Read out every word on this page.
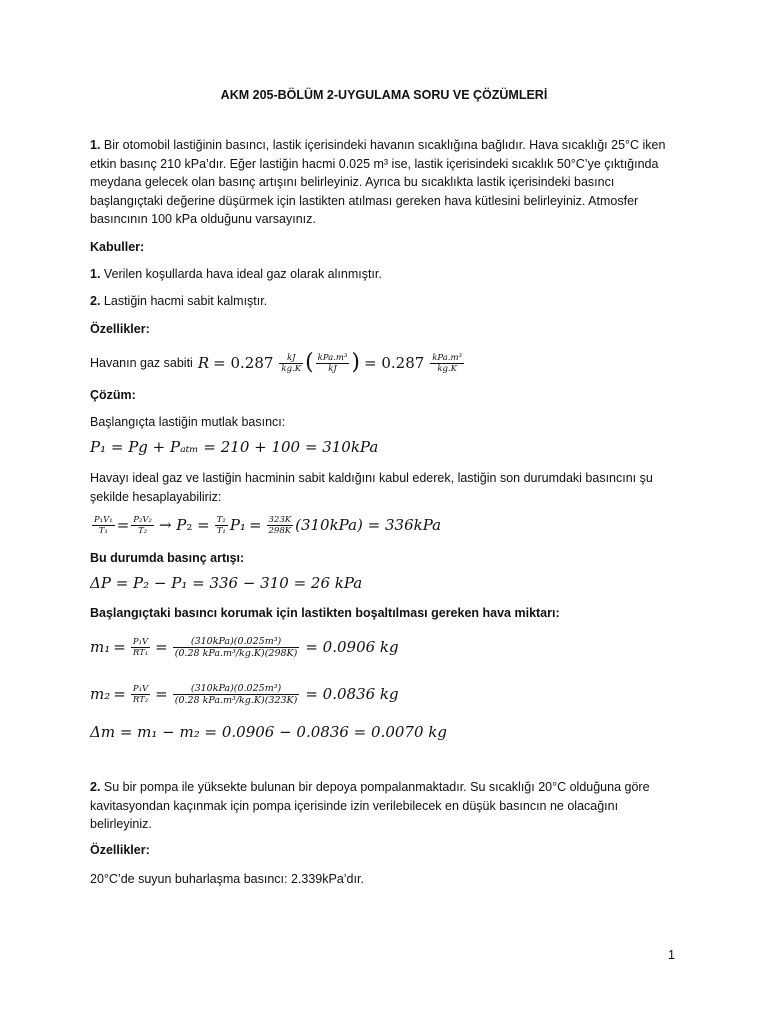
AKM 205-BÖLÜM 2-UYGULAMA SORU VE ÇÖZÜMLERİ
1. Bir otomobil lastiğinin basıncı, lastik içerisindeki havanın sıcaklığına bağlıdır. Hava sıcaklığı 25°C iken etkin basınç 210 kPa’dır. Eğer lastiğin hacmi 0.025 m³ ise, lastik içerisindeki sıcaklık 50°C’ye çıktığında meydana gelecek olan basınç artışını belirleyiniz. Ayrıca bu sıcaklıkta lastik içerisindeki basıncı başlangıçtaki değerine düşürmek için lastikten atılması gereken hava kütlesini belirleyiniz. Atmosfer basıncının 100 kPa olduğunu varsayınız.
Kabuller:
1. Verilen koşullarda hava ideal gaz olarak alınmıştır.
2. Lastiğin hacmi sabit kalmıştır.
Özellikler:
Havanın gaz sabiti $R = 0.287 \frac{kJ}{kg.K}$ ( $\frac{\text{kPa.m³}}{kJ}$ ) = $0.287 \frac{\text{kPa.m³}}{kg.K}$
Çözüm:
Başlangıçta lastiğin mutlak basıncı:
P₁ = P𝑔 + Pₐₜₘ = 210 + 100 = 310kPa
Havayı ideal gaz ve lastiğin hacminin sabit kaldığını kabul ederek, lastiğin son durumdaki basıncını şu şekilde hesaplayabiliriz:
$\frac{\text{P₁V₁}}{\text{T₁}} = \frac{\text{P₂V₂}}{\text{T₂}} \to P_2 = \frac{\text{T₂}}{\text{T₁}} P_1 = \frac{323K}{298K} (310kPa) = 336kPa$
Bu durumda basınç artışı:
ΔP = P₂ − P₁ = 336 − 310 = 26 kPa
Başlangıçtaki basıncı korumak için lastikten boşaltılması gereken hava miktarı:
$m_1 = \frac{\text{P₁V}}{\text{RT₁}} = \frac{\text{(310kPa)(0.025m³)}}{\text{(0.28 kPa.m³/kg.K)(298K)}} = 0.0906$ kg
$m_2 = \frac{\text{P₁V}}{\text{RT₂}} = \frac{\text{(310kPa)(0.025m³)}}{\text{(0.28 kPa.m³/kg.K)(323K)}} = 0.0836$ kg
Δm = m₁ − m₂ = 0.0906 − 0.0836 = 0.0070 kg
2. Su bir pompa ile yüksekte bulunan bir depoya pompalanmaktadır. Su sıcaklığı 20°C olduğuna göre kavitasyondan kaçınmak için pompa içerisinde izin verilebilecek en düşük basıncın ne olacağını belirleyiniz.
Özellikler:
20°C’de suyun buharlaşma basıncı: 2.339kPa’dır.
1
